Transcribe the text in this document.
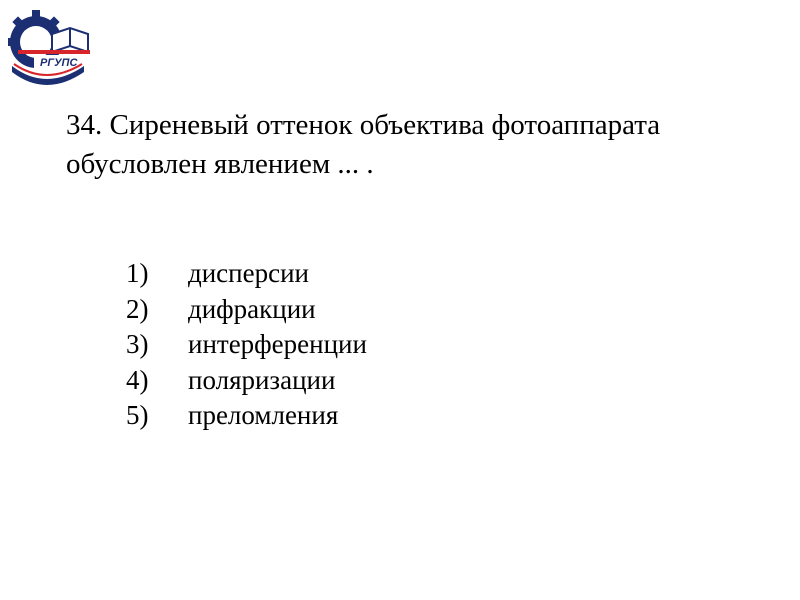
РГУПС

34. Сиреневый оттенок объектива фотоаппарата обусловлен явлением ... .

1)	дисперсии
2)	дифракции
3)	интерференции
4)	поляризации
5)	преломления
